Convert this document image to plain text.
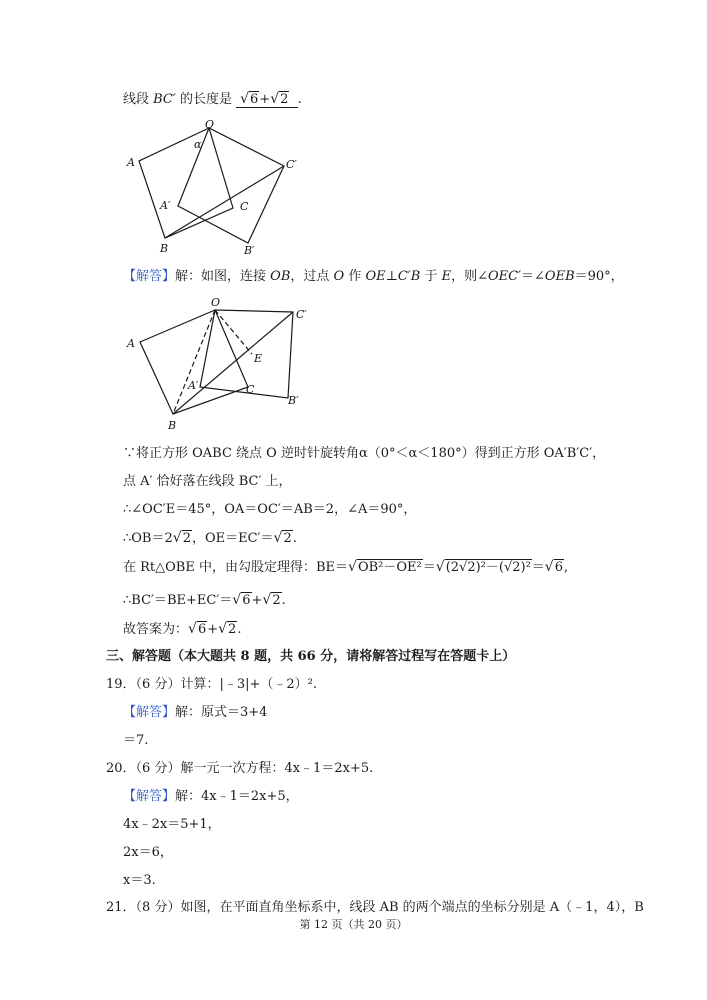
线段 BC′ 的长度是 √6+√2 .
O
A
B
C
A′
B′
C′
α
【解答】解：如图，连接 OB，过点 O 作 OE⊥C′B 于 E，则∠OEC′＝∠OEB＝90°，
O
A
B
C
A′
B′
C′
E
∵将正方形 OABC 绕点 O 逆时针旋转角α（0°＜α＜180°）得到正方形 OA′B′C′，
点 A′ 恰好落在线段 BC′ 上，
∴∠OC′E＝45°，OA＝OC′＝AB＝2，∠A＝90°，
∴OB＝2√2，OE＝EC′＝√2.
在 Rt△OBE 中，由勾股定理得：BE＝√OB²－OE²＝√(2√2)²－(√2)²＝√6,
∴BC′＝BE+EC′＝√6+√2.
故答案为：√6+√2.
三、解答题（本大题共 8 题，共 66 分，请将解答过程写在答题卡上）
19．（6 分）计算：|﹣3|+（﹣2）².
【解答】解：原式＝3+4
＝7.
20．（6 分）解一元一次方程：4x﹣1＝2x+5.
【解答】解：4x﹣1＝2x+5，
4x﹣2x＝5+1，
2x＝6，
x＝3.
21．（8 分）如图，在平面直角坐标系中，线段 AB 的两个端点的坐标分别是 A（﹣1，4），B
第 12 页（共 20 页）
